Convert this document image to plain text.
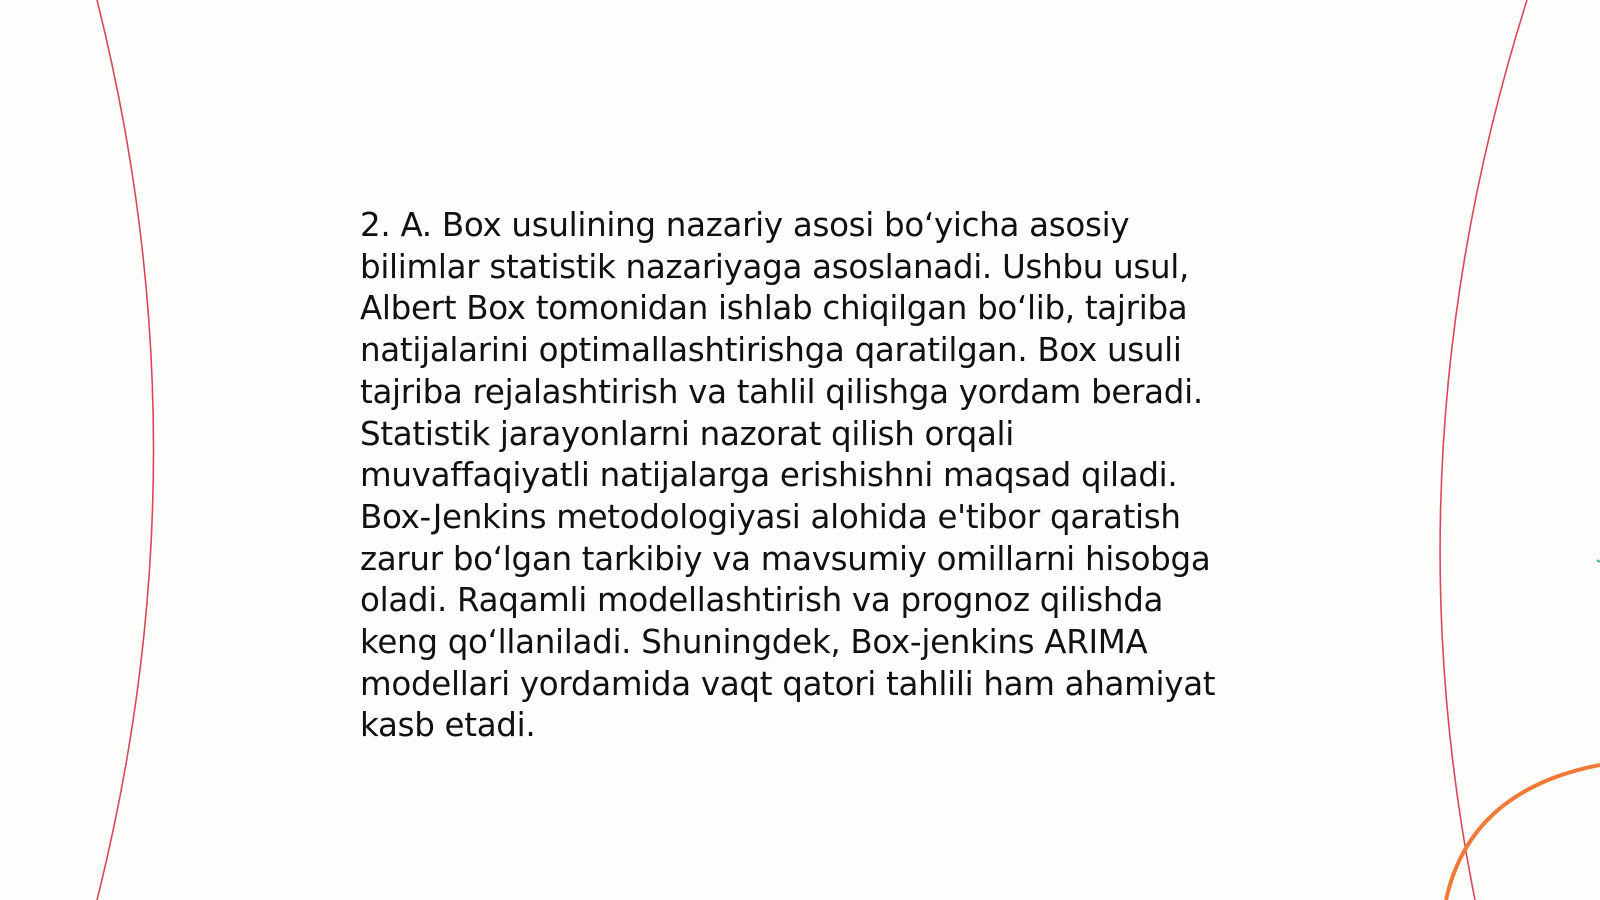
2. A. Box usulining nazariy asosi bo‘yicha asosiy
bilimlar statistik nazariyaga asoslanadi. Ushbu usul,
Albert Box tomonidan ishlab chiqilgan bo‘lib, tajriba
natijalarini optimallashtirishga qaratilgan. Box usuli
tajriba rejalashtirish va tahlil qilishga yordam beradi.
Statistik jarayonlarni nazorat qilish orqali
muvaffaqiyatli natijalarga erishishni maqsad qiladi.
Box-Jenkins metodologiyasi alohida e'tibor qaratish
zarur bo‘lgan tarkibiy va mavsumiy omillarni hisobga
oladi. Raqamli modellashtirish va prognoz qilishda
keng qo‘llaniladi. Shuningdek, Box-jenkins ARIMA
modellari yordamida vaqt qatori tahlili ham ahamiyat
kasb etadi.
